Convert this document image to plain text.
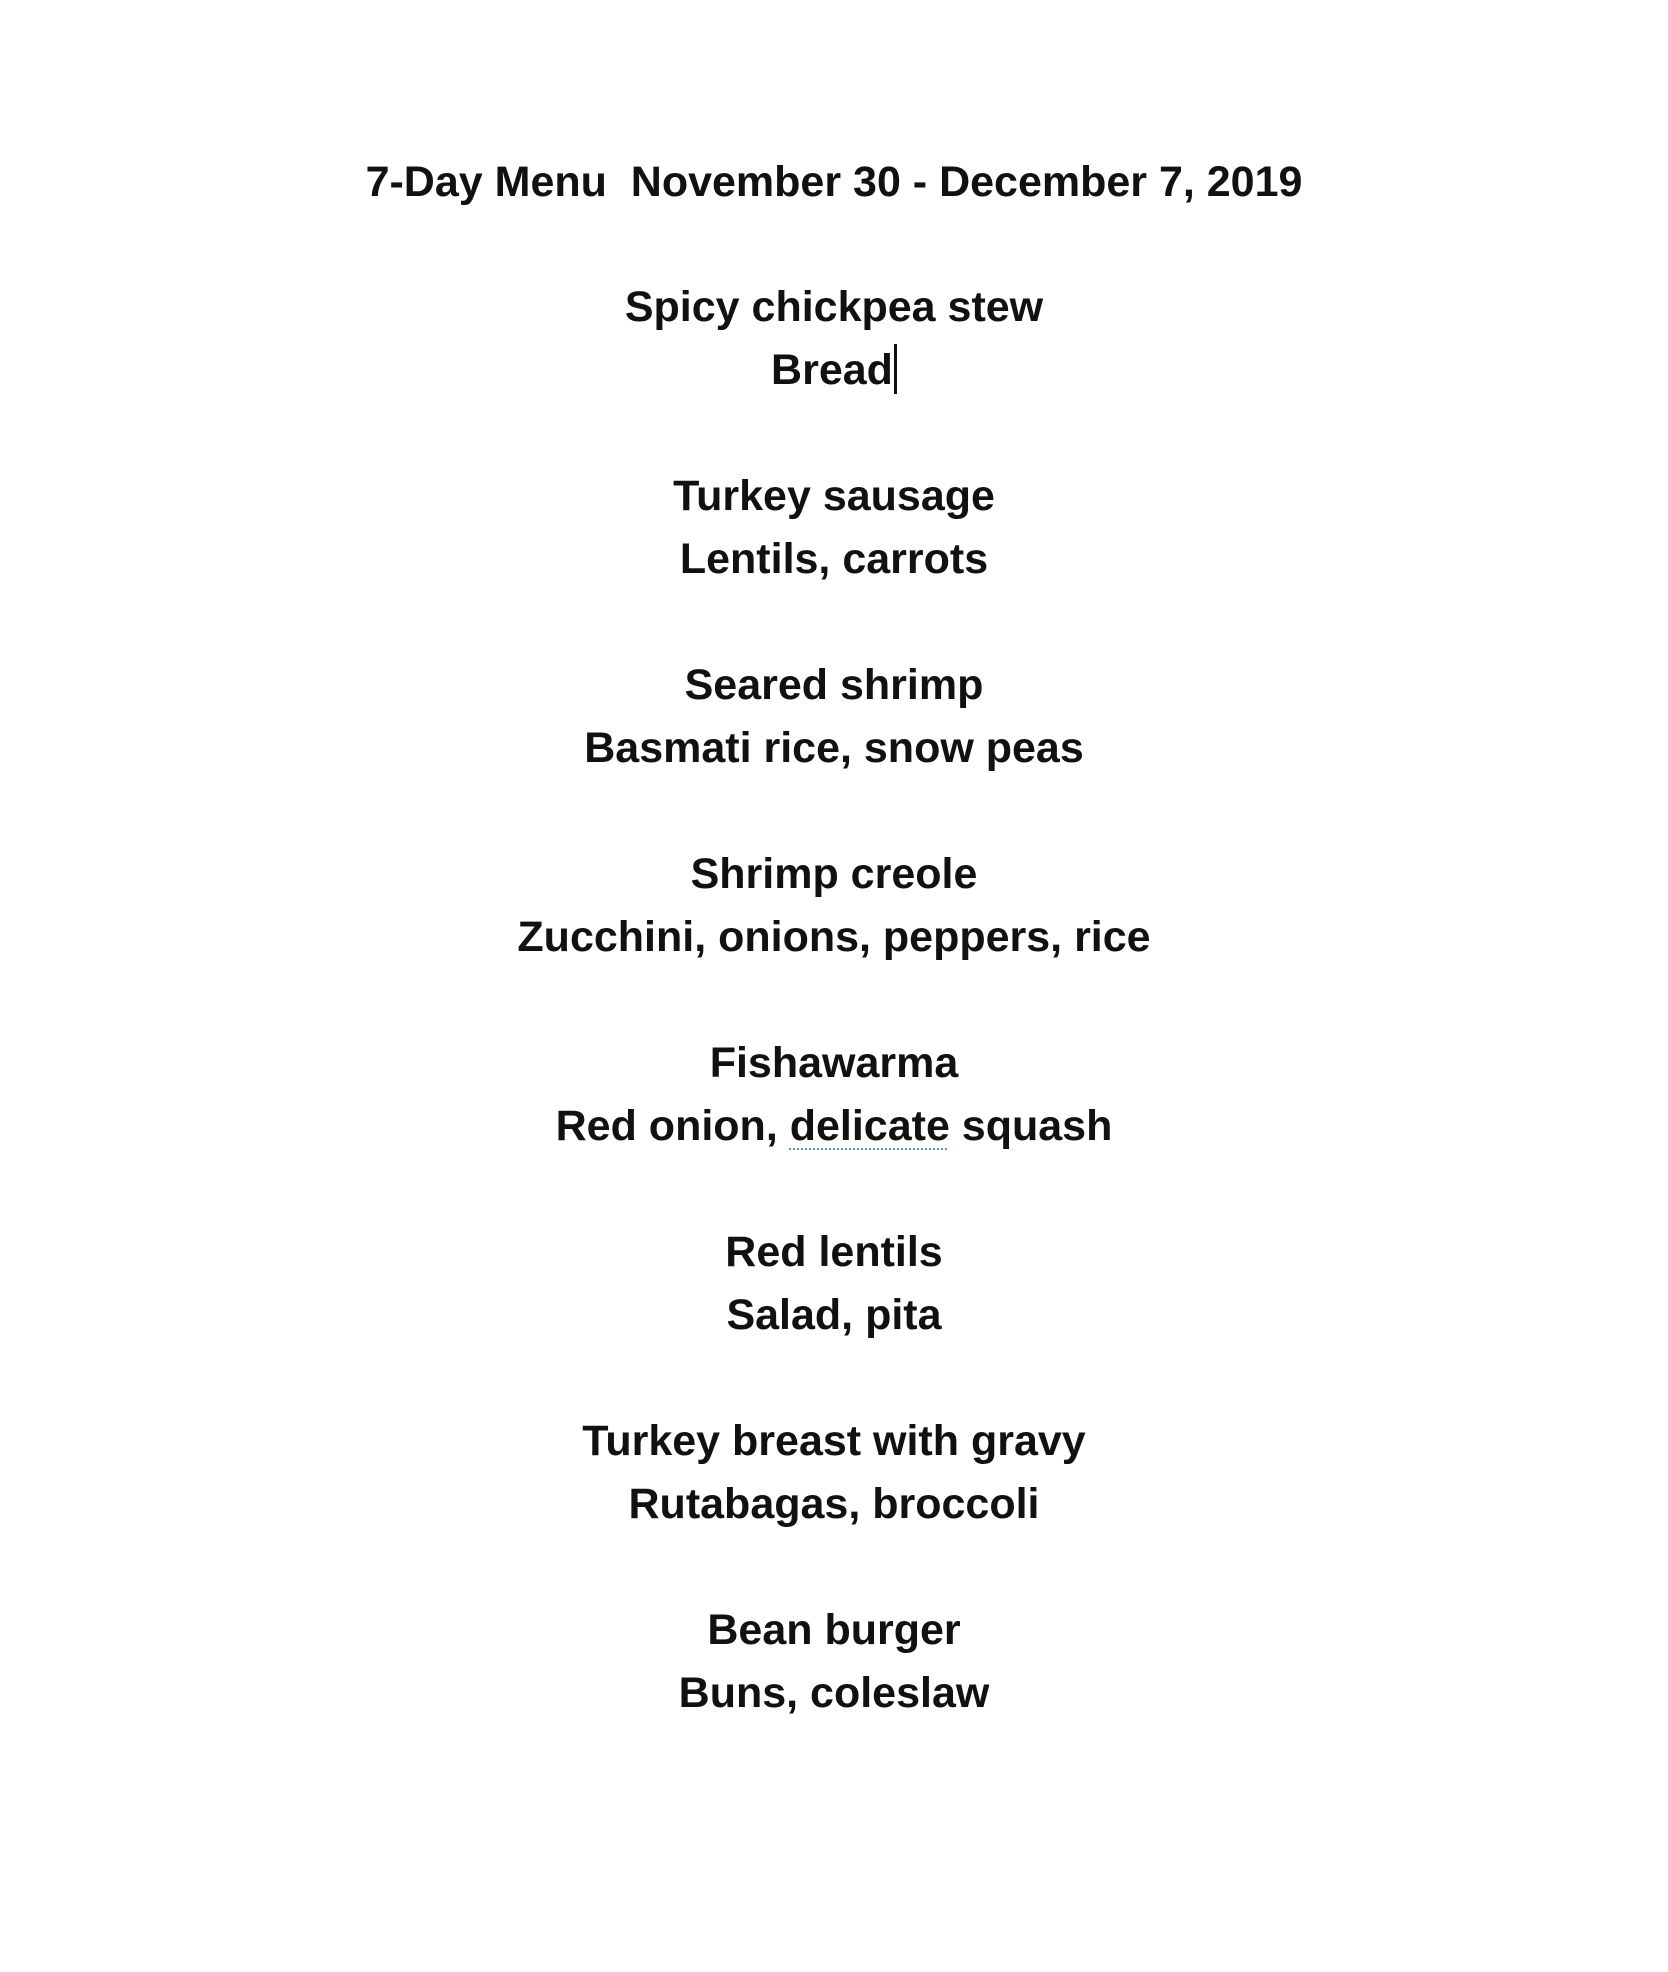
7-Day Menu  November 30 - December 7, 2019
Spicy chickpea stew
Bread
Turkey sausage
Lentils, carrots
Seared shrimp
Basmati rice, snow peas
Shrimp creole
Zucchini, onions, peppers, rice
Fishawarma
Red onion, delicate squash
Red lentils
Salad, pita
Turkey breast with gravy
Rutabagas, broccoli
Bean burger
Buns, coleslaw
